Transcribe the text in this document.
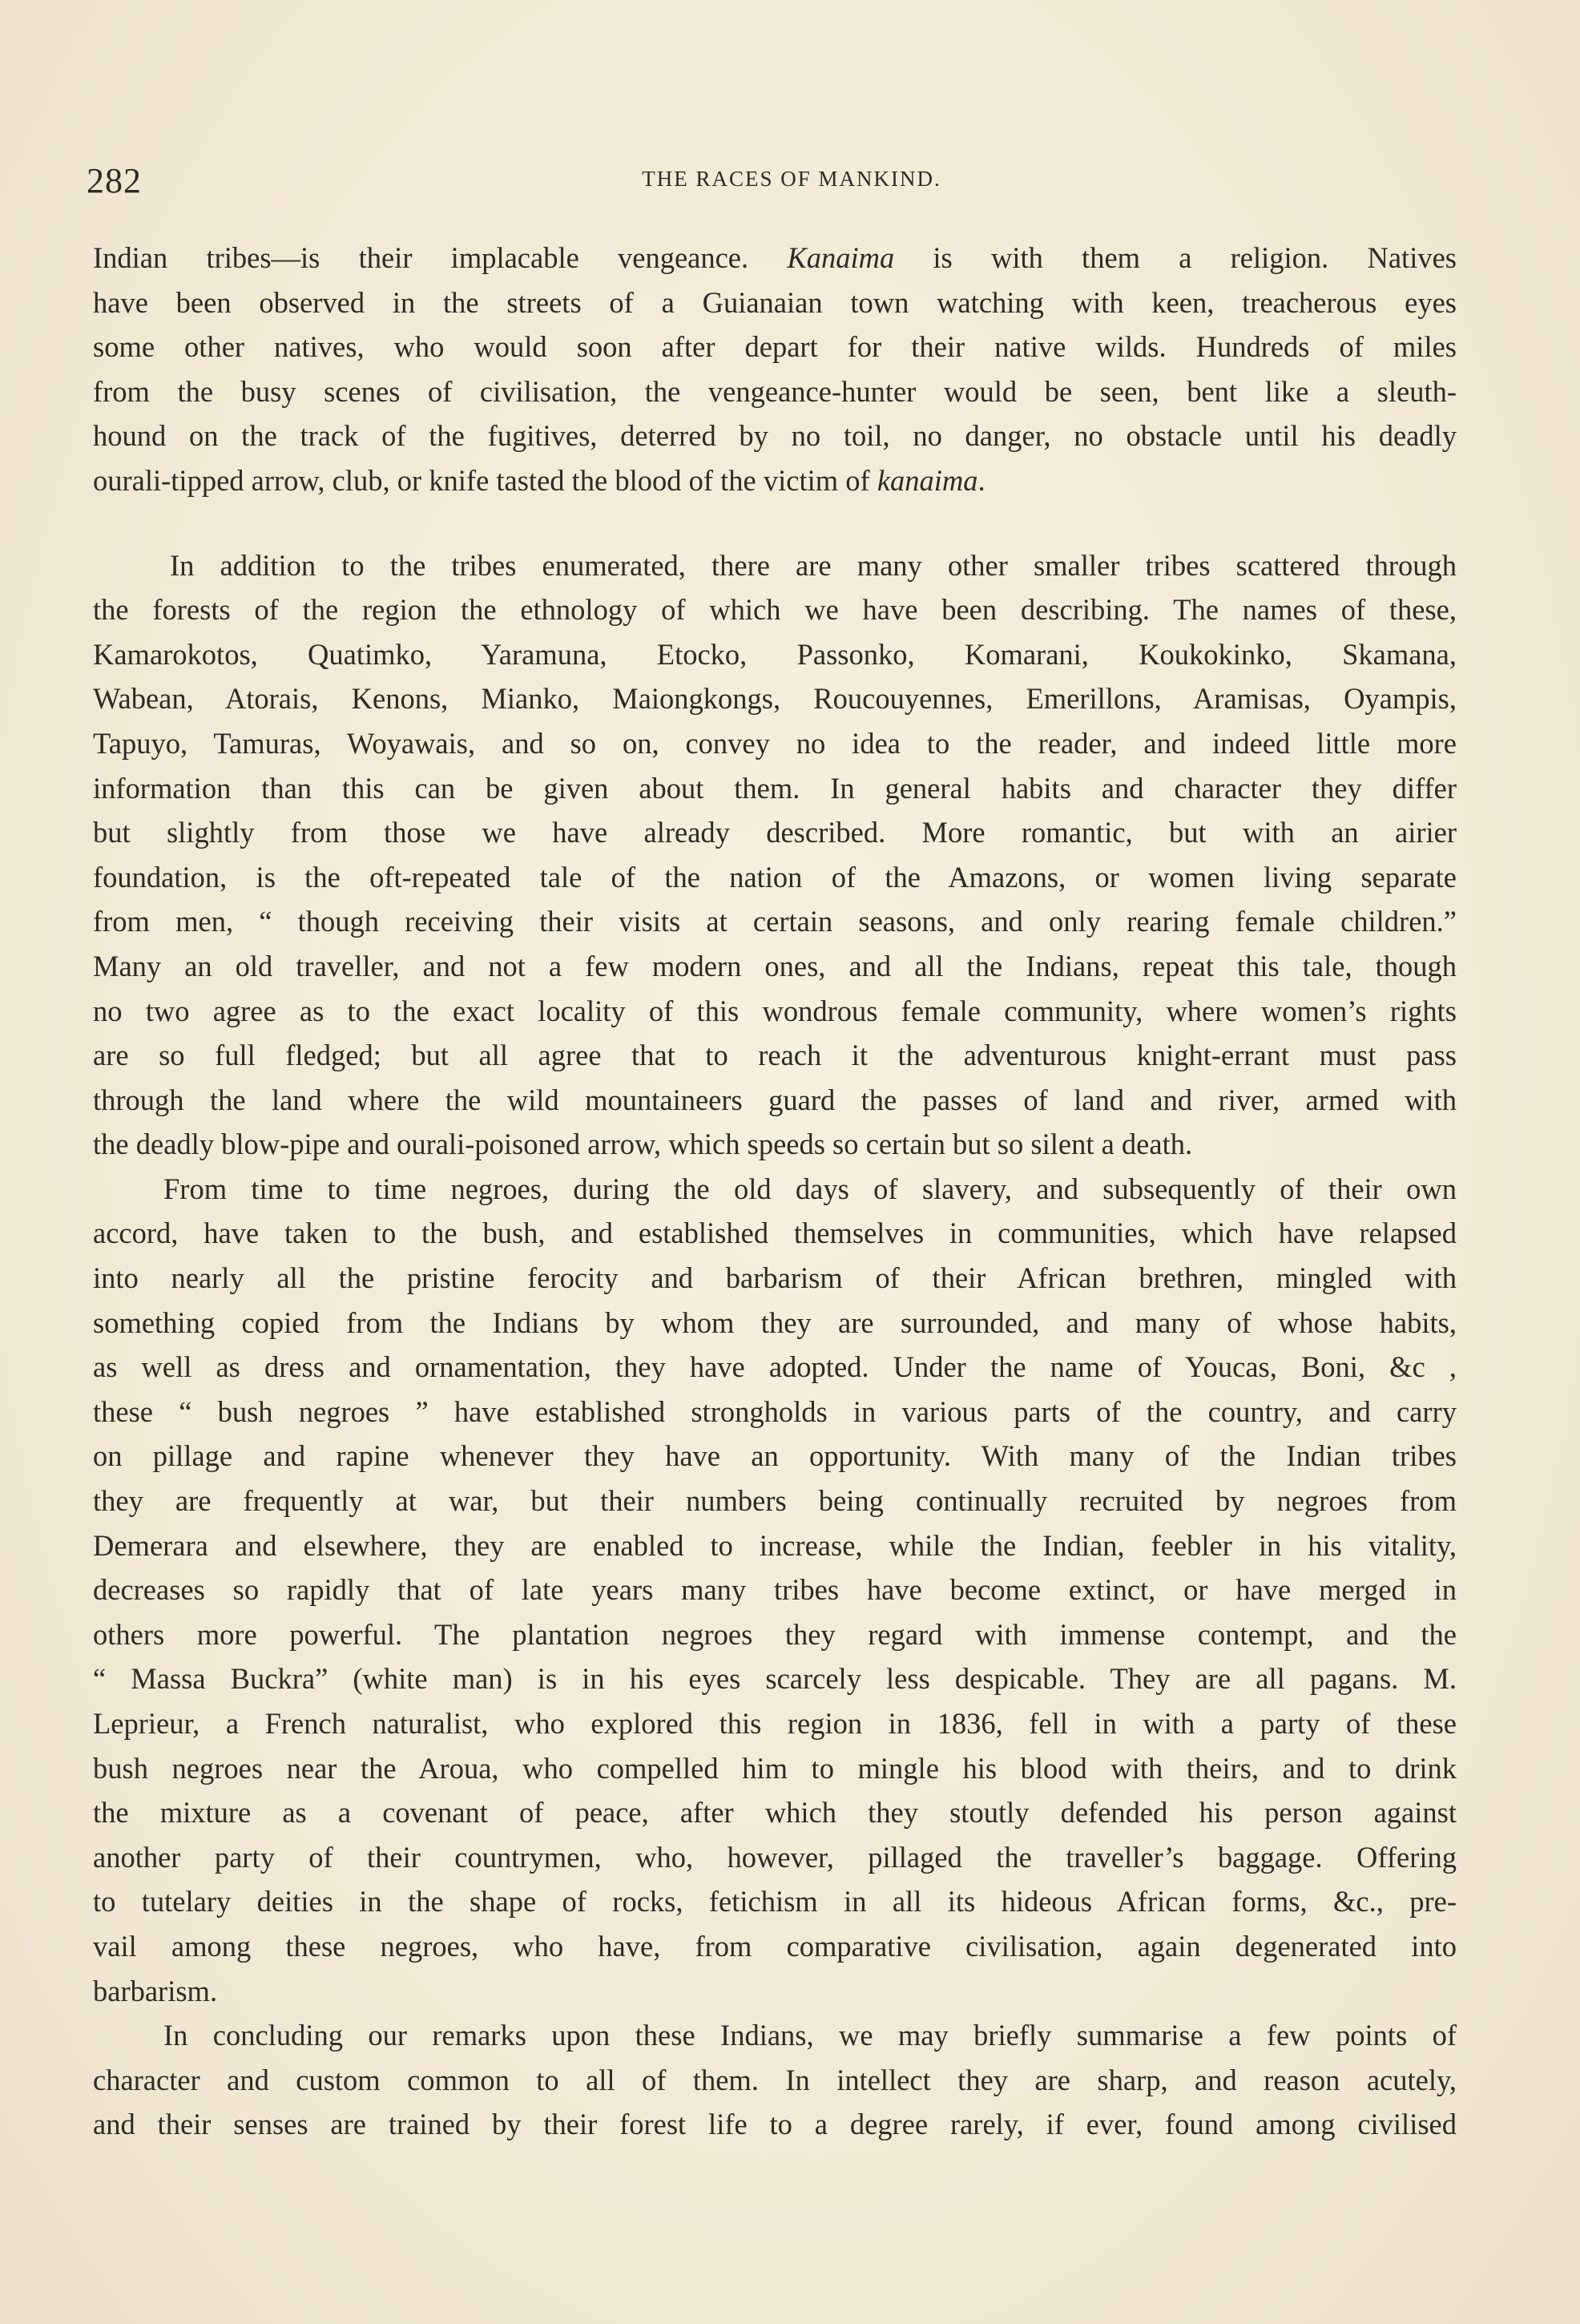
282	THE RACES OF MANKIND.
Indian tribes—is their implacable vengeance. Kanaima is with them a religion. Natives
have been observed in the streets of a Guianaian town watching with keen, treacherous eyes
some other natives, who would soon after depart for their native wilds. Hundreds of miles
from the busy scenes of civilisation, the vengeance-hunter would be seen, bent like a sleuth-
hound on the track of the fugitives, deterred by no toil, no danger, no obstacle until his deadly
ourali-tipped arrow, club, or knife tasted the blood of the victim of kanaima.
In addition to the tribes enumerated, there are many other smaller tribes scattered through
the forests of the region the ethnology of which we have been describing. The names of these,
Kamarokotos, Quatimko, Yaramuna, Etocko, Passonko, Komarani, Koukokinko, Skamana,
Wabean, Atorais, Kenons, Mianko, Maiongkongs, Roucouyennes, Emerillons, Aramisas, Oyampis,
Tapuyo, Tamuras, Woyawais, and so on, convey no idea to the reader, and indeed little more
information than this can be given about them. In general habits and character they differ
but slightly from those we have already described. More romantic, but with an airier
foundation, is the oft-repeated tale of the nation of the Amazons, or women living separate
from men, “ though receiving their visits at certain seasons, and only rearing female children.”
Many an old traveller, and not a few modern ones, and all the Indians, repeat this tale, though
no two agree as to the exact locality of this wondrous female community, where women’s rights
are so full fledged; but all agree that to reach it the adventurous knight-errant must pass
through the land where the wild mountaineers guard the passes of land and river, armed with
the deadly blow-pipe and ourali-poisoned arrow, which speeds so certain but so silent a death.
From time to time negroes, during the old days of slavery, and subsequently of their own
accord, have taken to the bush, and established themselves in communities, which have relapsed
into nearly all the pristine ferocity and barbarism of their African brethren, mingled with
something copied from the Indians by whom they are surrounded, and many of whose habits,
as well as dress and ornamentation, they have adopted. Under the name of Youcas, Boni, &c ,
these “ bush negroes ” have established strongholds in various parts of the country, and carry
on pillage and rapine whenever they have an opportunity. With many of the Indian tribes
they are frequently at war, but their numbers being continually recruited by negroes from
Demerara and elsewhere, they are enabled to increase, while the Indian, feebler in his vitality,
decreases so rapidly that of late years many tribes have become extinct, or have merged in
others more powerful. The plantation negroes they regard with immense contempt, and the
“ Massa Buckra” (white man) is in his eyes scarcely less despicable. They are all pagans. M.
Leprieur, a French naturalist, who explored this region in 1836, fell in with a party of these
bush negroes near the Aroua, who compelled him to mingle his blood with theirs, and to drink
the mixture as a covenant of peace, after which they stoutly defended his person against
another party of their countrymen, who, however, pillaged the traveller’s baggage. Offering
to tutelary deities in the shape of rocks, fetichism in all its hideous African forms, &c., pre-
vail among these negroes, who have, from comparative civilisation, again degenerated into
barbarism.
In concluding our remarks upon these Indians, we may briefly summarise a few points of
character and custom common to all of them. In intellect they are sharp, and reason acutely,
and their senses are trained by their forest life to a degree rarely, if ever, found among civilised
